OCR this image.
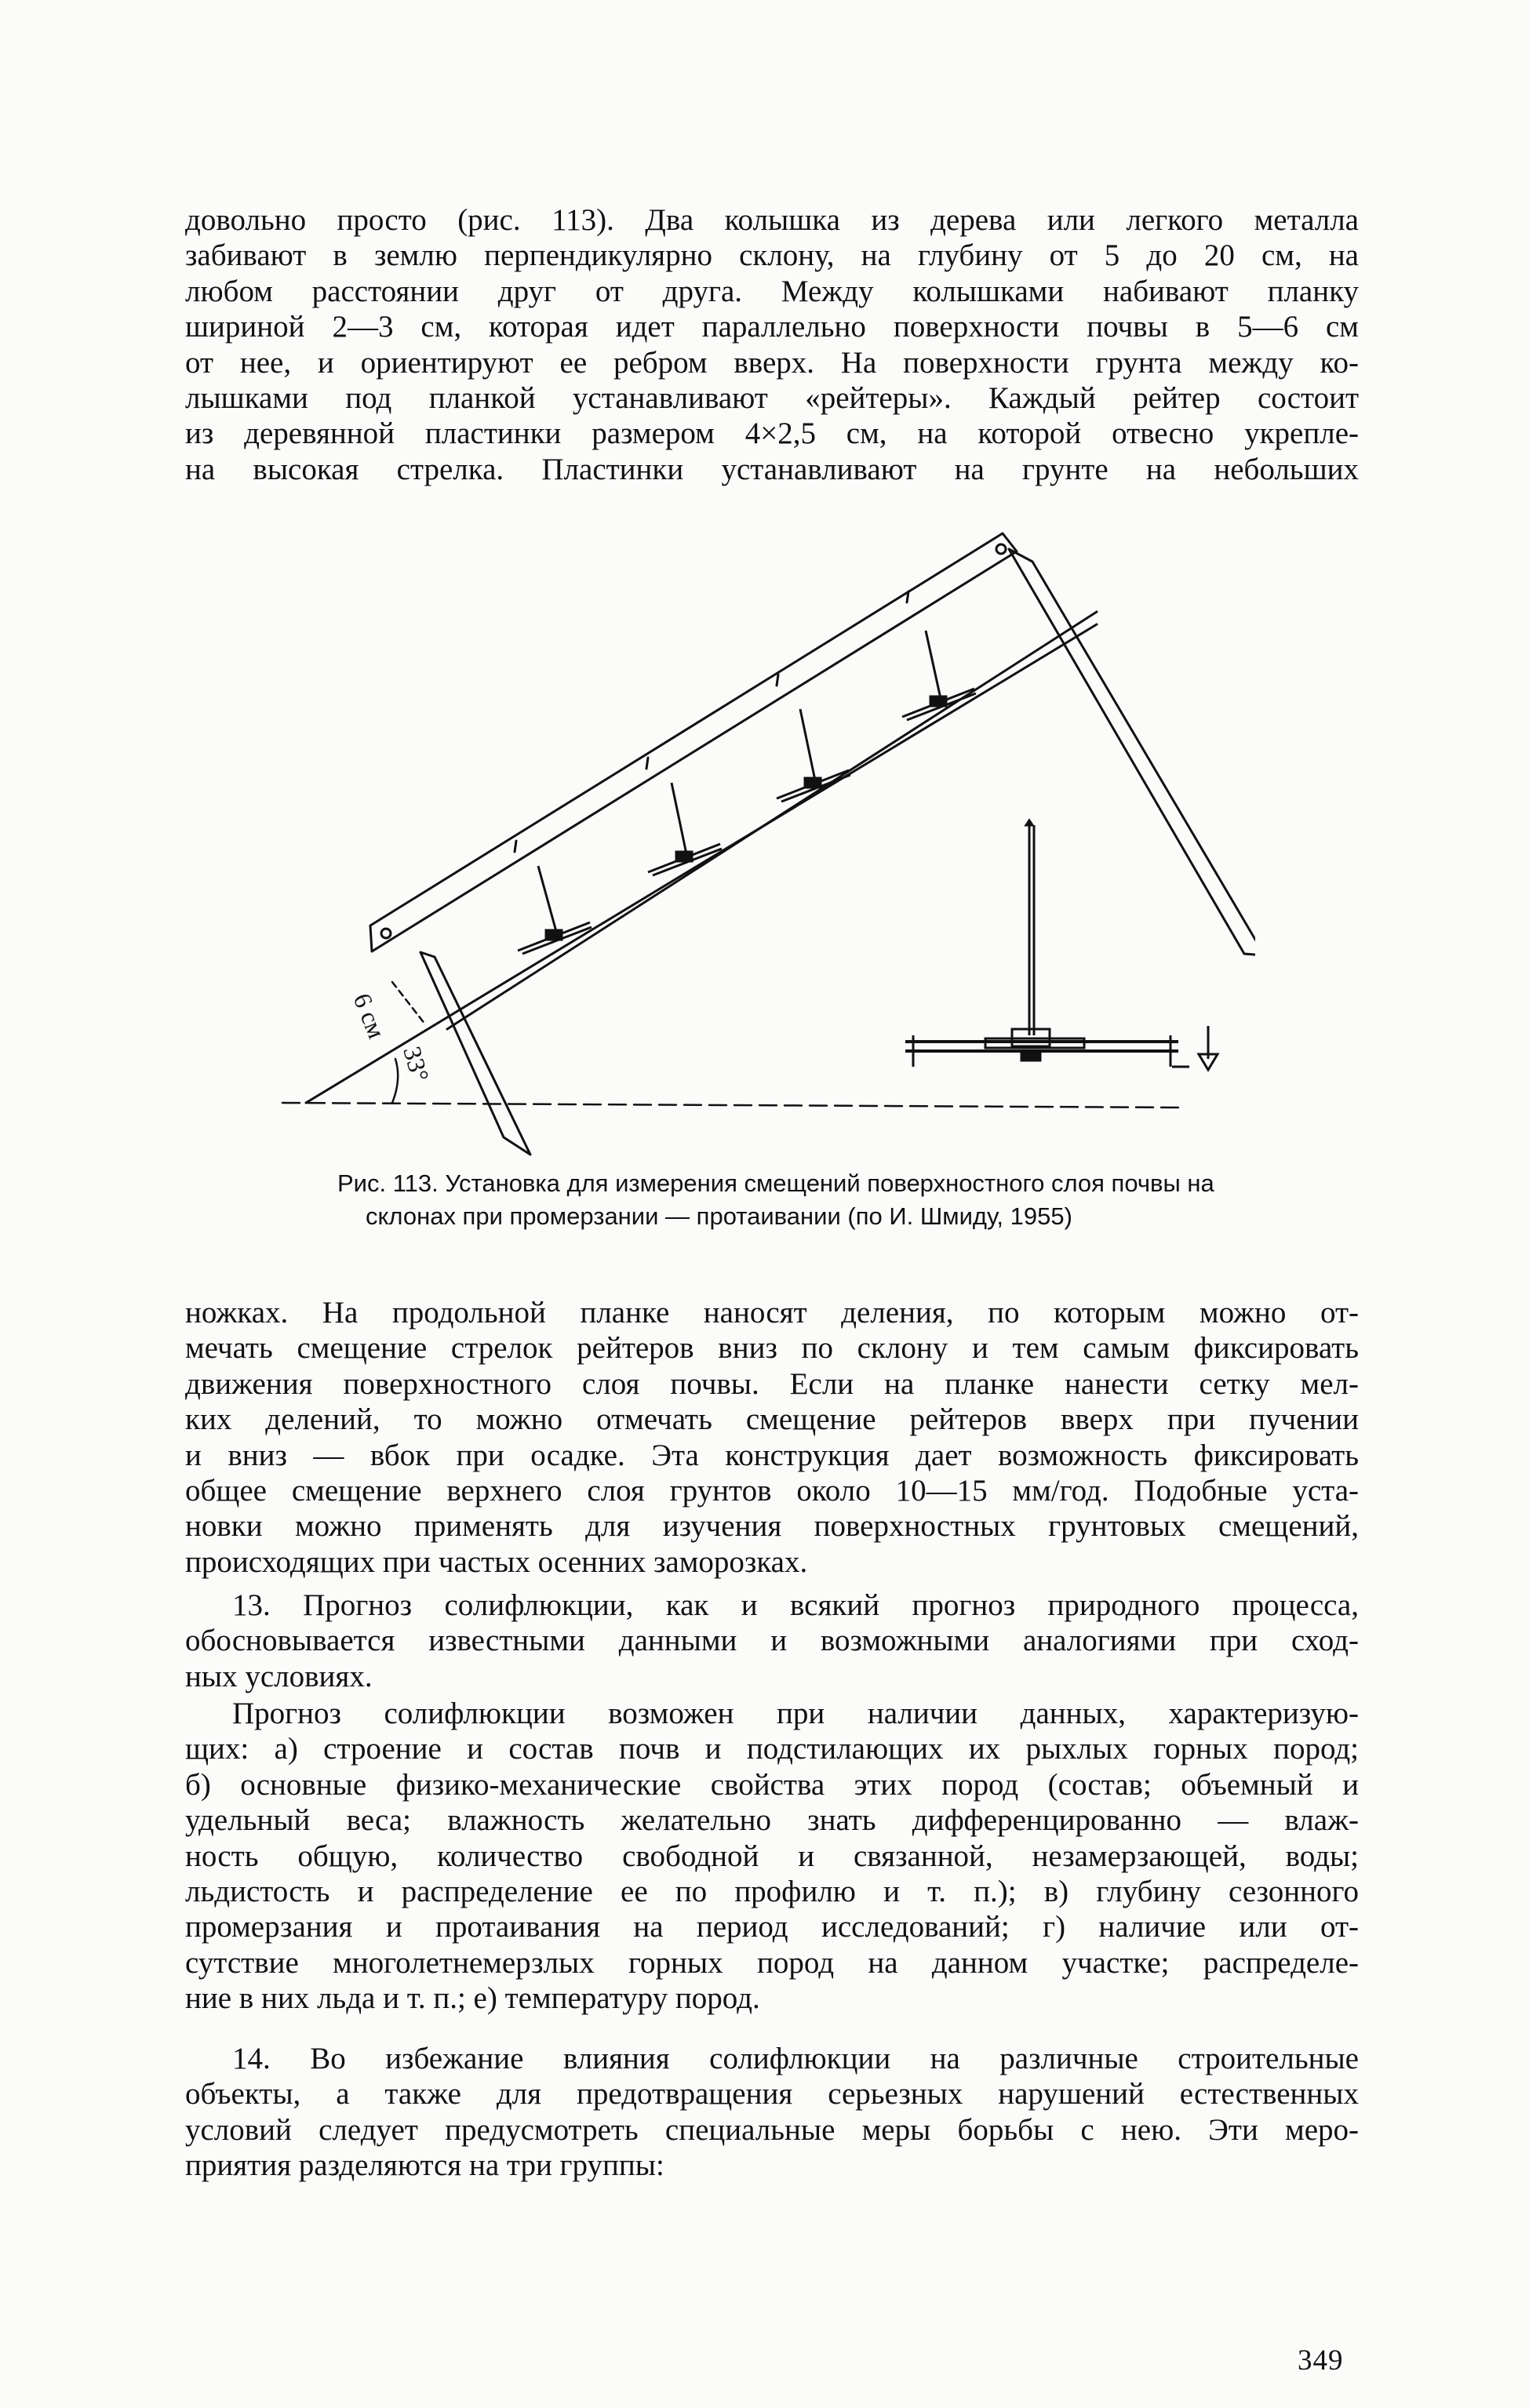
довольно просто (рис. 113). Два колышка из дерева или легкого металла
забивают в землю перпендикулярно склону, на глубину от 5 до 20 см, на
любом расстоянии друг от друга. Между колышками набивают планку
шириной 2—3 см, которая идет параллельно поверхности почвы в 5—6 см
от нее, и ориентируют ее ребром вверх. На поверхности грунта между ко-
лышками под планкой устанавливают «рейтеры». Каждый рейтер состоит
из деревянной пластинки размером 4×2,5 см, на которой отвесно укрепле-
на высокая стрелка. Пластинки устанавливают на грунте на небольших
6 см
33°
Рис. 113. Установка для измерения смещений поверхностного слоя почвы на
склонах при промерзании — протаивании (по И. Шмиду, 1955)
ножках. На продольной планке наносят деления, по которым можно от-
мечать смещение стрелок рейтеров вниз по склону и тем самым фиксировать
движения поверхностного слоя почвы. Если на планке нанести сетку мел-
ких делений, то можно отмечать смещение рейтеров вверх при пучении
и вниз — вбок при осадке. Эта конструкция дает возможность фиксировать
общее смещение верхнего слоя грунтов около 10—15 мм/год. Подобные уста-
новки можно применять для изучения поверхностных грунтовых смещений,
происходящих при частых осенних заморозках.
13. Прогноз солифлюкции, как и всякий прогноз природного процесса,
обосновывается известными данными и возможными аналогиями при сход-
ных условиях.
Прогноз солифлюкции возможен при наличии данных, характеризую-
щих: а) строение и состав почв и подстилающих их рыхлых горных пород;
б) основные физико-механические свойства этих пород (состав; объемный и
удельный веса; влажность желательно знать дифференцированно — влаж-
ность общую, количество свободной и связанной, незамерзающей, воды;
льдистость и распределение ее по профилю и т. п.); в) глубину сезонного
промерзания и протаивания на период исследований; г) наличие или от-
сутствие многолетнемерзлых горных пород на данном участке; распределе-
ние в них льда и т. п.; е) температуру пород.
14. Во избежание влияния солифлюкции на различные строительные
объекты, а также для предотвращения серьезных нарушений естественных
условий следует предусмотреть специальные меры борьбы с нею. Эти меро-
приятия разделяются на три группы:
349
